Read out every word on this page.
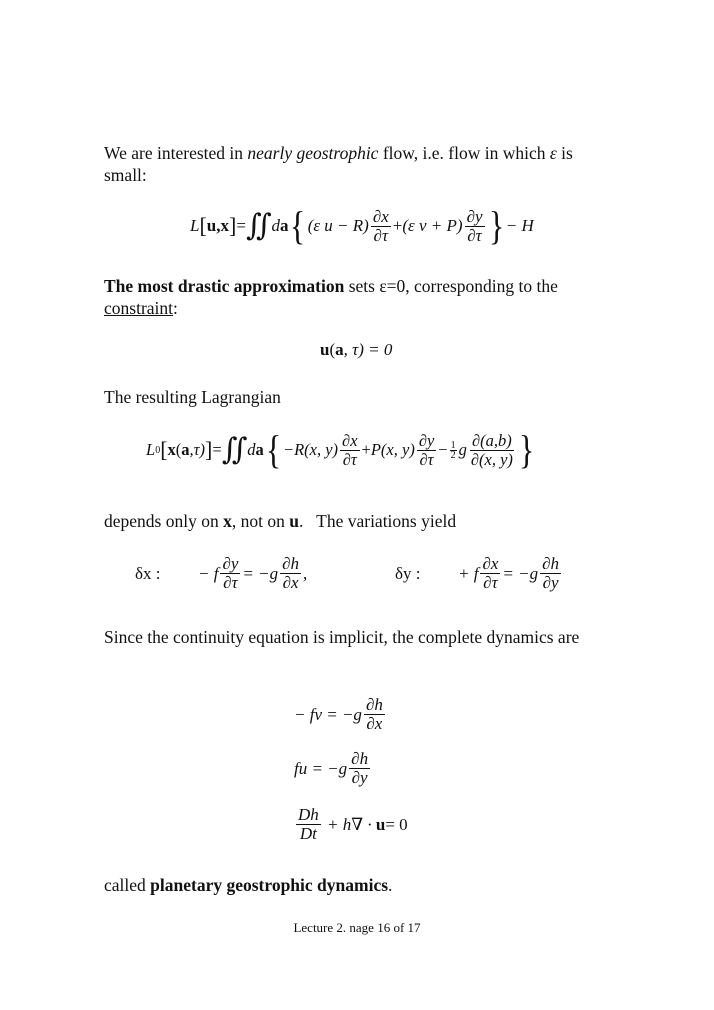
We are interested in nearly geostrophic flow, i.e. flow in which ε is small:
L [ u,x ] = ∬ d a { (ε $u - R) \frac{\partial x}{\partial\tau} + (\varepsilon$ $v + P) \frac{\partial y}{\partial\tau}$ } − H
The most drastic approximation sets ε=0, corresponding to the constraint:
u ( a , τ) = 0
The resulting Lagrangian
L 0 [ x ( a ,τ) ] = ∬ d a { −R(x, $y) \frac{\partial x}{\partial\tau} + P(x$, $y) \frac{\partial y}{\partial\tau} - \frac{1}{2}$ g $\frac{\partial(a,b)}{\partial(x, y)}$ }
depends only on x, not on u.   The variations yield
δx :	− f $\frac{\partial y}{\partial\tau} = -g \frac{\partial h}{\partial x}$ ,	δy :	+ f $\frac{\partial x}{\partial\tau} = -g \frac{\partial h}{\partial y}$
Since the continuity equation is implicit, the complete dynamics are
− fv = $-g \frac{\partial h}{\partial x}$
fu = $-g \frac{\partial h}{\partial y}$
$\frac{Dh}{Dt} + h\nabla \cdot u = 0$
called planetary geostrophic dynamics.
Lecture 2. nage 16 of 17
